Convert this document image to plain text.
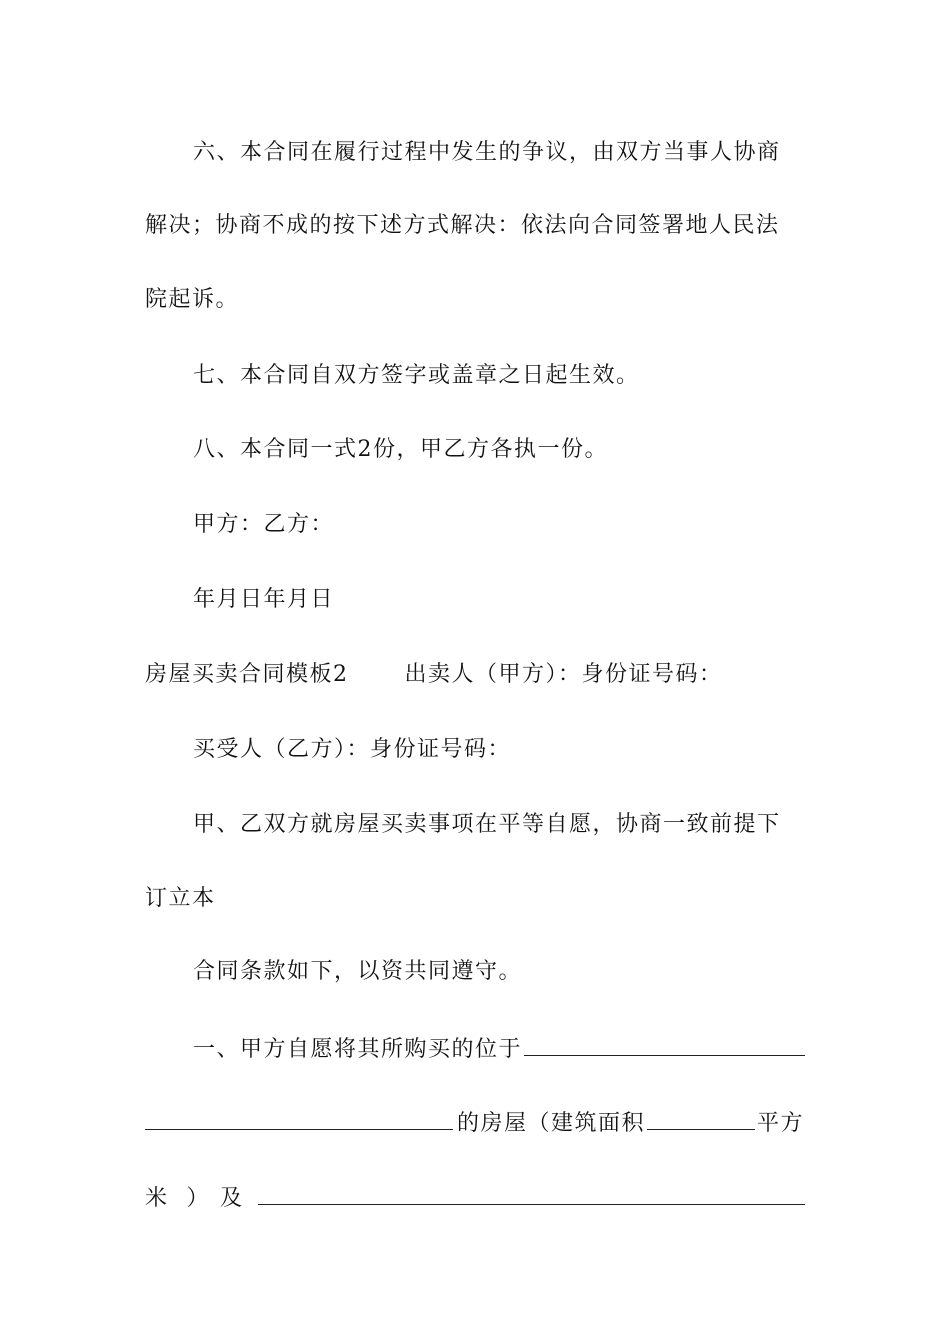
六、本合同在履行过程中发生的争议，由双方当事人协商
解决；协商不成的按下述方式解决：依法向合同签署地人民法
院起诉。
七、本合同自双方签字或盖章之日起生效。
八、本合同一式2份，甲乙方各执一份。
甲方：乙方：
年月日年月日
房屋买卖合同模板2	出卖人（甲方）：身份证号码：
买受人（乙方）：身份证号码：
甲、乙双方就房屋买卖事项在平等自愿，协商一致前提下
订立本
合同条款如下，以资共同遵守。
一、甲方自愿将其所购买的位于
的房屋（建筑面积	平方
米 ） 及
